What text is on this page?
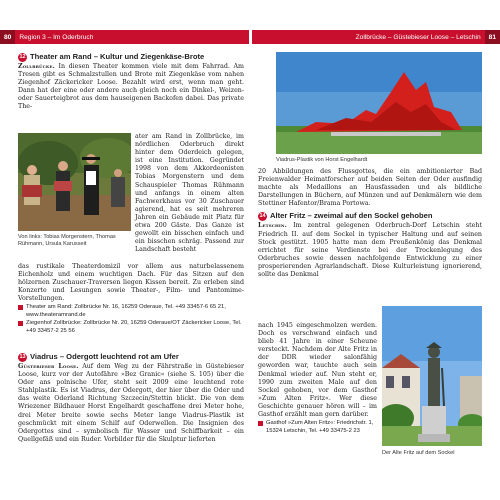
80	Region 3 – Im Oderbruch	Zollbrücke – Güstebieser Loose – Letschin	81
12 Theater am Rand – Kultur und Ziegenkäse-Brote

Zollbrücke. In diesen Theater kommen viele mit dem Fahrrad. Am Tresen gibt es Schmalzstullen und Brote mit Ziegenkäse vom nahen Ziegenhof Zäckericker Loose. Bezahlt wird erst, wenn man geht. Dann hat der eine oder andere auch gleich noch ein Dinkel-, Weizen- oder Sauerteigbrot aus dem hauseigenen Backofen dabei. Das private The-

Von links: Tobias Morgenstern, Thomas Rühmann, Ursula Karusseit

ater am Rand in Zollbrücke, im nördlichen Oderbruch direkt hinter dem Oderdeich gelegen, ist eine Institution. Gegründet 1998 von dem Akkordeonisten Tobias Morgenstern und dem Schauspieler Thomas Rühmann und anfangs in einem alten Fachwerkhaus vor 30 Zuschauer agierend, hat es seit mehreren Jahren ein Gebäude mit Platz für etwa 200 Gäste. Das Ganze ist gewollt ein bisschen einfach und ein bisschen schräg. Passend zur Landschaft besteht

das rustikale Theaterdomizil vor allem aus naturbelassenem Eichenholz und einem wuchtigen Dach. Für das Sitzen auf den hölzernen Zuschauer-Traversen liegen Kissen bereit. Zu erleben sind Konzerte und Lesungen sowie Theater-, Film- und Pantomime-Vorstellungen.

Theater am Rand: Zollbrücke Nr. 16, 16259 Oderaue, Tel. +49 33457-6 65 21, www.theateramrand.de
Ziegenhof Zollbrücke: Zollbrücke Nr. 20, 16259 Oderaue/OT Zäckericker Loose, Tel. +49 33457-2 25 56
13 Viadrus – Odergott leuchtend rot am Ufer

Güstebieser Loose. Auf dem Weg zu der Fährstraße in Güstebieser Loose, kurz vor der Autofähre »Bez Granic« (siehe S. 105) über die Oder ans polnische Ufer, steht seit 2009 eine leuchtend rote Stahlplastik. Es ist Viadrus, der Odergott, der hier über die Oder und das weite Oderland Richtung Szczecin/Stettin blickt. Die von dem Wriezener Bildhauer Horst Engelhardt geschaffene drei Meter hohe, drei Meter breite sowie sechs Meter lange Viadrus-Plastik ist geschmückt mit einem Schilf auf Oderwellen. Die Insignien des Odergottes sind – symbolisch für Wasser und Schiffbarkeit – ein Quellgefäß und ein Ruder. Vorbilder für die Skulptur lieferten

Viadrus-Plastik von Horst Engelhardt

20 Abbildungen des Flussgottes, die ein ambitionierter Bad Freienwalder Heimatforscher auf beiden Seiten der Oder ausfindig machte als Medaillons an Hausfassaden und als bildliche Darstellungen in Büchern, auf Münzen und auf Denkmälern wie dem Stettiner Hafentor/Brama Portowa.

14 Alter Fritz – zweimal auf den Sockel gehoben

Letschin. Im zentral gelegenen Oderbruch-Dorf Letschin steht Friedrich II. auf dem Sockel in typischer Haltung und auf seinen Stock gestützt. 1905 hatte man dem Preußenkönig das Denkmal errichtet für seine Verdienste bei der Trockenlegung des Oderbruches sowie dessen nachfolgende Entwicklung zu einer prosperierenden Agrarlandschaft. Diese Kulturleistung ignorierend, sollte das Denkmal

nach 1945 eingeschmolzen werden. Doch es verschwand einfach und blieb 41 Jahre in einer Scheune versteckt. Nachdem der Alte Fritz in der DDR wieder salonfähig geworden war, tauchte auch sein Denkmal wieder auf. Nun steht er, 1990 zum zweiten Male auf den Sockel gehoben, vor dem Gasthof »Zum Alten Fritz«. Wer diese Geschichte genauer hören will – im Gasthof erzählt man gern darüber.

Gasthof »Zum Alten Fritz«: Friedrichstr. 1, 15324 Letschin, Tel. +49 33475-2 23
Der Alte Fritz auf dem Sockel
